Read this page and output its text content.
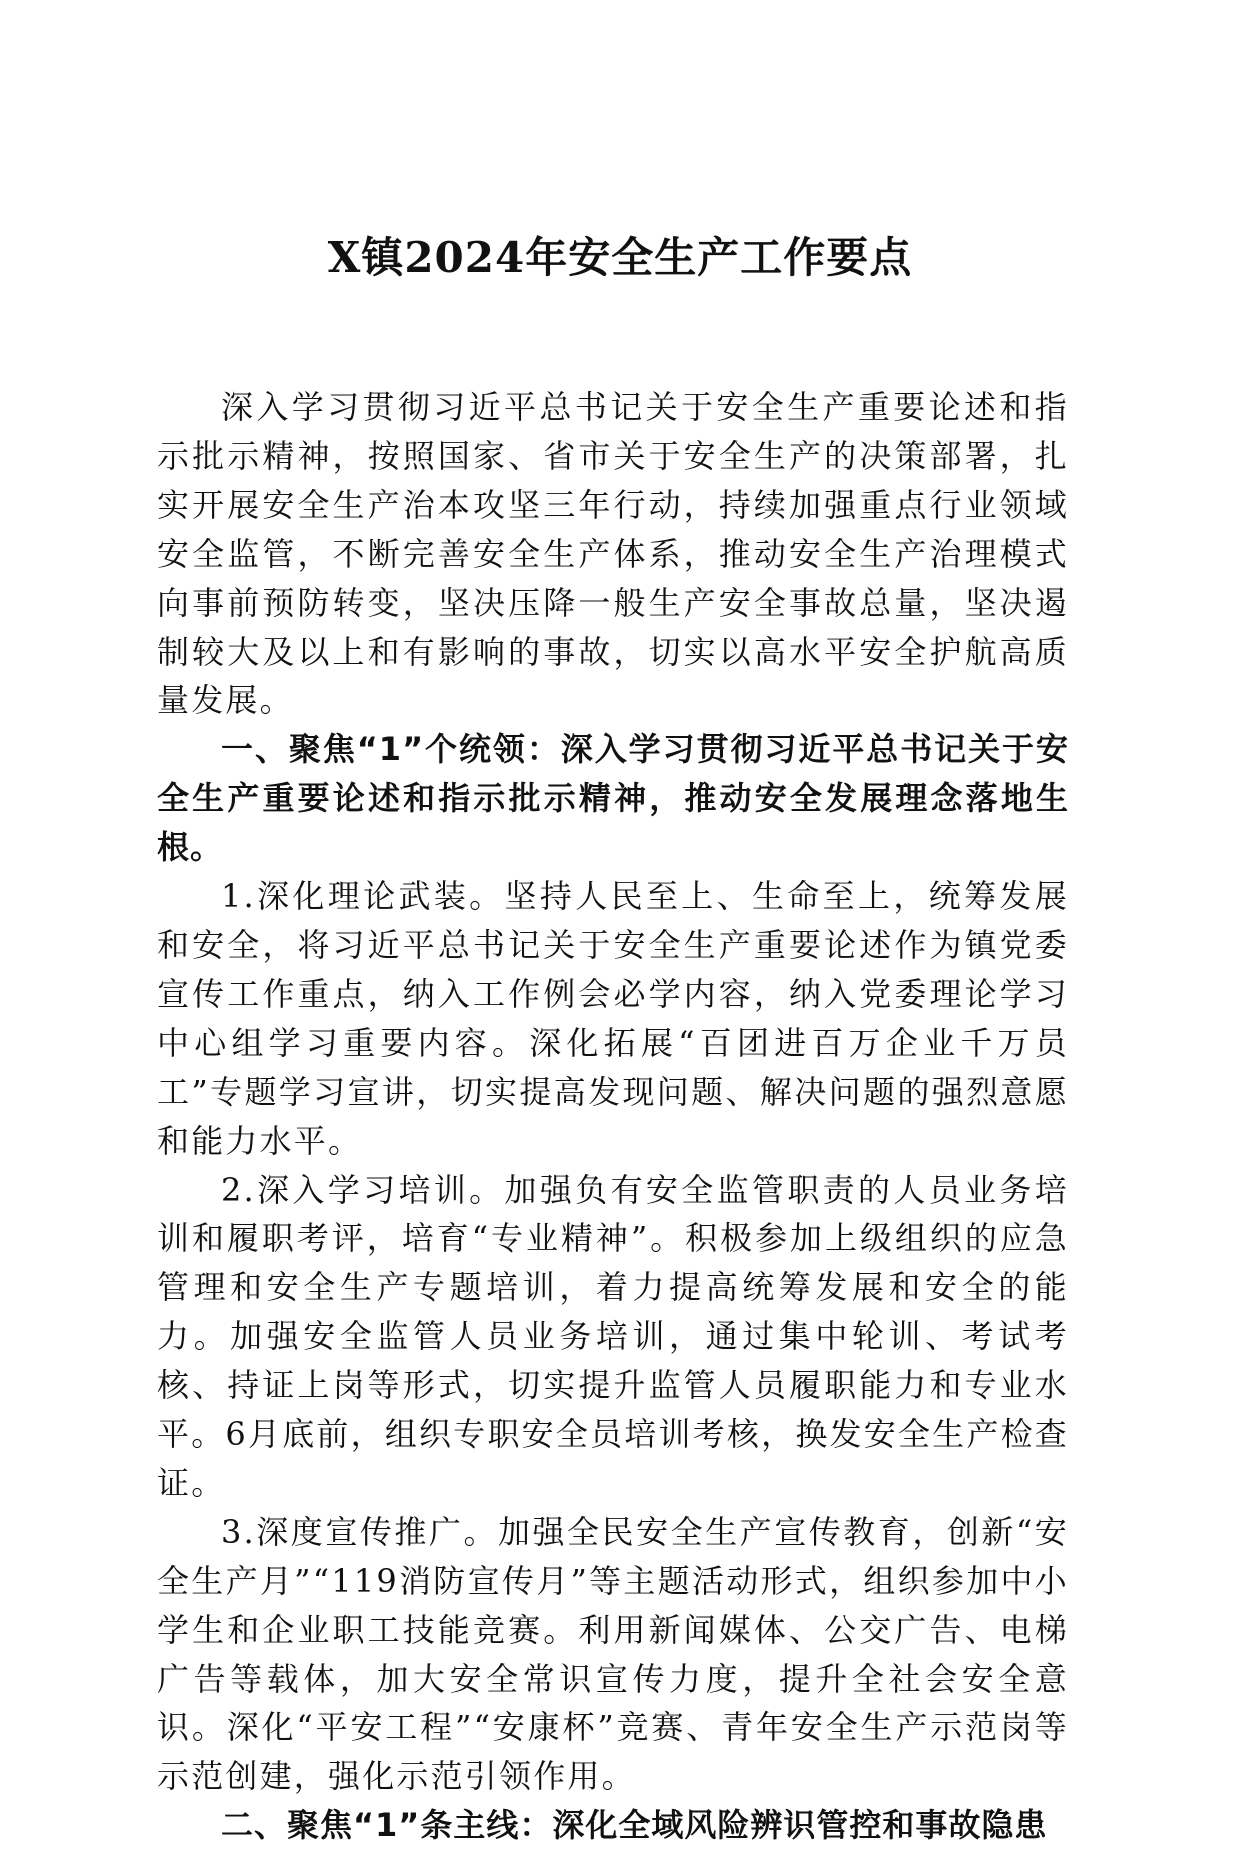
X镇2024年安全生产工作要点

深入学习贯彻习近平总书记关于安全生产重要论述和指示批示精神，按照国家、省市关于安全生产的决策部署，扎实开展安全生产治本攻坚三年行动，持续加强重点行业领域安全监管，不断完善安全生产体系，推动安全生产治理模式向事前预防转变，坚决压降一般生产安全事故总量，坚决遏制较大及以上和有影响的事故，切实以高水平安全护航高质量发展。

一、聚焦“1”个统领：深入学习贯彻习近平总书记关于安全生产重要论述和指示批示精神，推动安全发展理念落地生根。

1.深化理论武装。坚持人民至上、生命至上，统筹发展和安全，将习近平总书记关于安全生产重要论述作为镇党委宣传工作重点，纳入工作例会必学内容，纳入党委理论学习中心组学习重要内容。深化拓展“百团进百万企业千万员工”专题学习宣讲，切实提高发现问题、解决问题的强烈意愿和能力水平。

2.深入学习培训。加强负有安全监管职责的人员业务培训和履职考评，培育“专业精神”。积极参加上级组织的应急管理和安全生产专题培训，着力提高统筹发展和安全的能力。加强安全监管人员业务培训，通过集中轮训、考试考核、持证上岗等形式，切实提升监管人员履职能力和专业水平。6月底前，组织专职安全员培训考核，换发安全生产检查证。

3.深度宣传推广。加强全民安全生产宣传教育，创新“安全生产月”“119消防宣传月”等主题活动形式，组织参加中小学生和企业职工技能竞赛。利用新闻媒体、公交广告、电梯广告等载体，加大安全常识宣传力度，提升全社会安全意识。深化“平安工程”“安康杯”竞赛、青年安全生产示范岗等示范创建，强化示范引领作用。

二、聚焦“1”条主线：深化全域风险辨识管控和事故隐患
